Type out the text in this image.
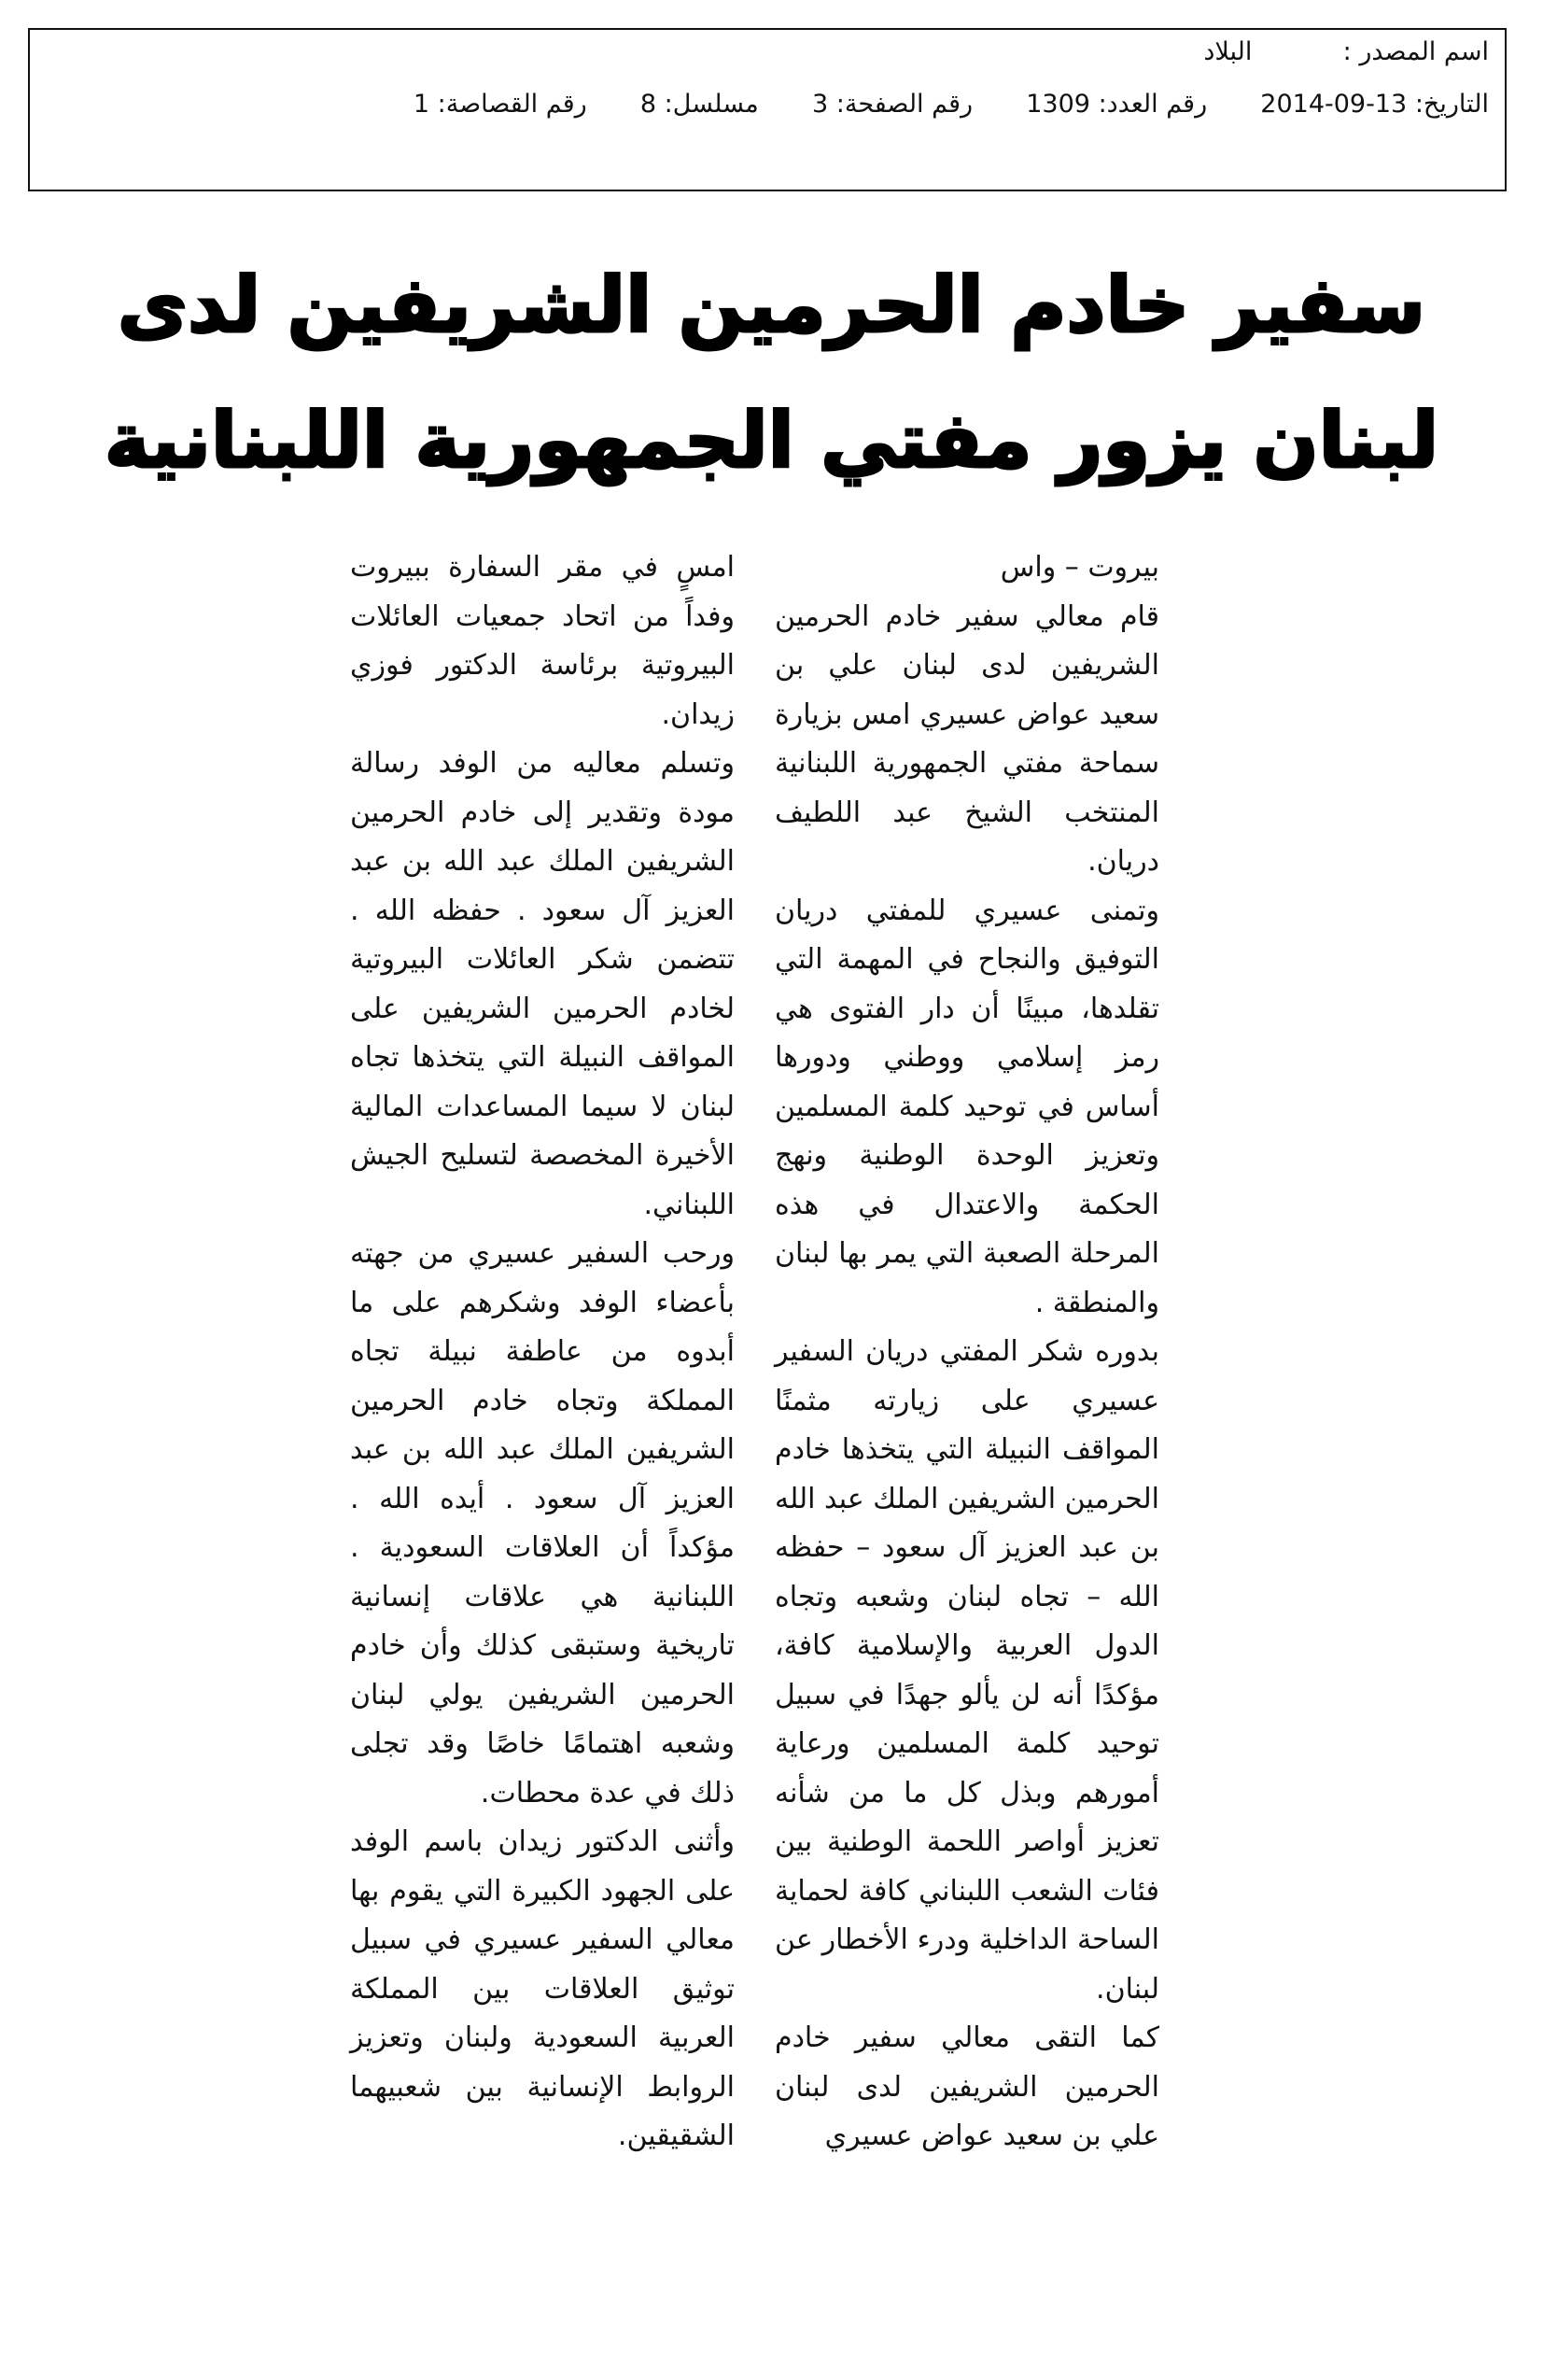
اسم المصدر : البلاد
التاريخ: 2014-09-13  رقم العدد: 1309  رقم الصفحة: 3  مسلسل: 8  رقم القصاصة: 1
سفير خادم الحرمين الشريفين لدى
لبنان يزور مفتي الجمهورية اللبنانية

بيروت – واس

قام معالي سفير خادم الحرمين الشريفين لدى لبنان علي بن سعيد عواض عسيري امس بزيارة سماحة مفتي الجمهورية اللبنانية المنتخب الشيخ عبد اللطيف دريان.

وتمنى عسيري للمفتي دريان التوفيق والنجاح في المهمة التي تقلدها، مبينًا أن دار الفتوى هي رمز إسلامي ووطني ودورها أساس في توحيد كلمة المسلمين وتعزيز الوحدة الوطنية ونهج الحكمة والاعتدال في هذه المرحلة الصعبة التي يمر بها لبنان والمنطقة .

بدوره شكر المفتي دريان السفير عسيري على زيارته مثمنًا المواقف النبيلة التي يتخذها خادم الحرمين الشريفين الملك عبد الله بن عبد العزيز آل سعود – حفظه الله – تجاه لبنان وشعبه وتجاه الدول العربية والإسلامية كافة، مؤكدًا أنه لن يألو جهدًا في سبيل توحيد كلمة المسلمين ورعاية أمورهم وبذل كل ما من شأنه تعزيز أواصر اللحمة الوطنية بين فئات الشعب اللبناني كافة لحماية الساحة الداخلية ودرء الأخطار عن لبنان.

كما التقى معالي سفير خادم الحرمين الشريفين لدى لبنان علي بن سعيد عواض عسيري

امسٍ في مقر السفارة ببيروت وفداً من اتحاد جمعيات العائلات البيروتية برئاسة الدكتور فوزي زيدان.

وتسلم معاليه من الوفد رسالة مودة وتقدير إلى خادم الحرمين الشريفين الملك عبد الله بن عبد العزيز آل سعود . حفظه الله . تتضمن شكر العائلات البيروتية لخادم الحرمين الشريفين على المواقف النبيلة التي يتخذها تجاه لبنان لا سيما المساعدات المالية الأخيرة المخصصة لتسليح الجيش اللبناني.

ورحب السفير عسيري من جهته بأعضاء الوفد وشكرهم على ما أبدوه من عاطفة نبيلة تجاه المملكة وتجاه خادم الحرمين الشريفين الملك عبد الله بن عبد العزيز آل سعود . أيده الله . مؤكداً أن العلاقات السعودية . اللبنانية هي علاقات إنسانية تاريخية وستبقى كذلك وأن خادم الحرمين الشريفين يولي لبنان وشعبه اهتمامًا خاصًا وقد تجلى ذلك في عدة محطات.

وأثنى الدكتور زيدان باسم الوفد على الجهود الكبيرة التي يقوم بها معالي السفير عسيري في سبيل توثيق العلاقات بين المملكة العربية السعودية ولبنان وتعزيز الروابط الإنسانية بين شعبيهما الشقيقين.
